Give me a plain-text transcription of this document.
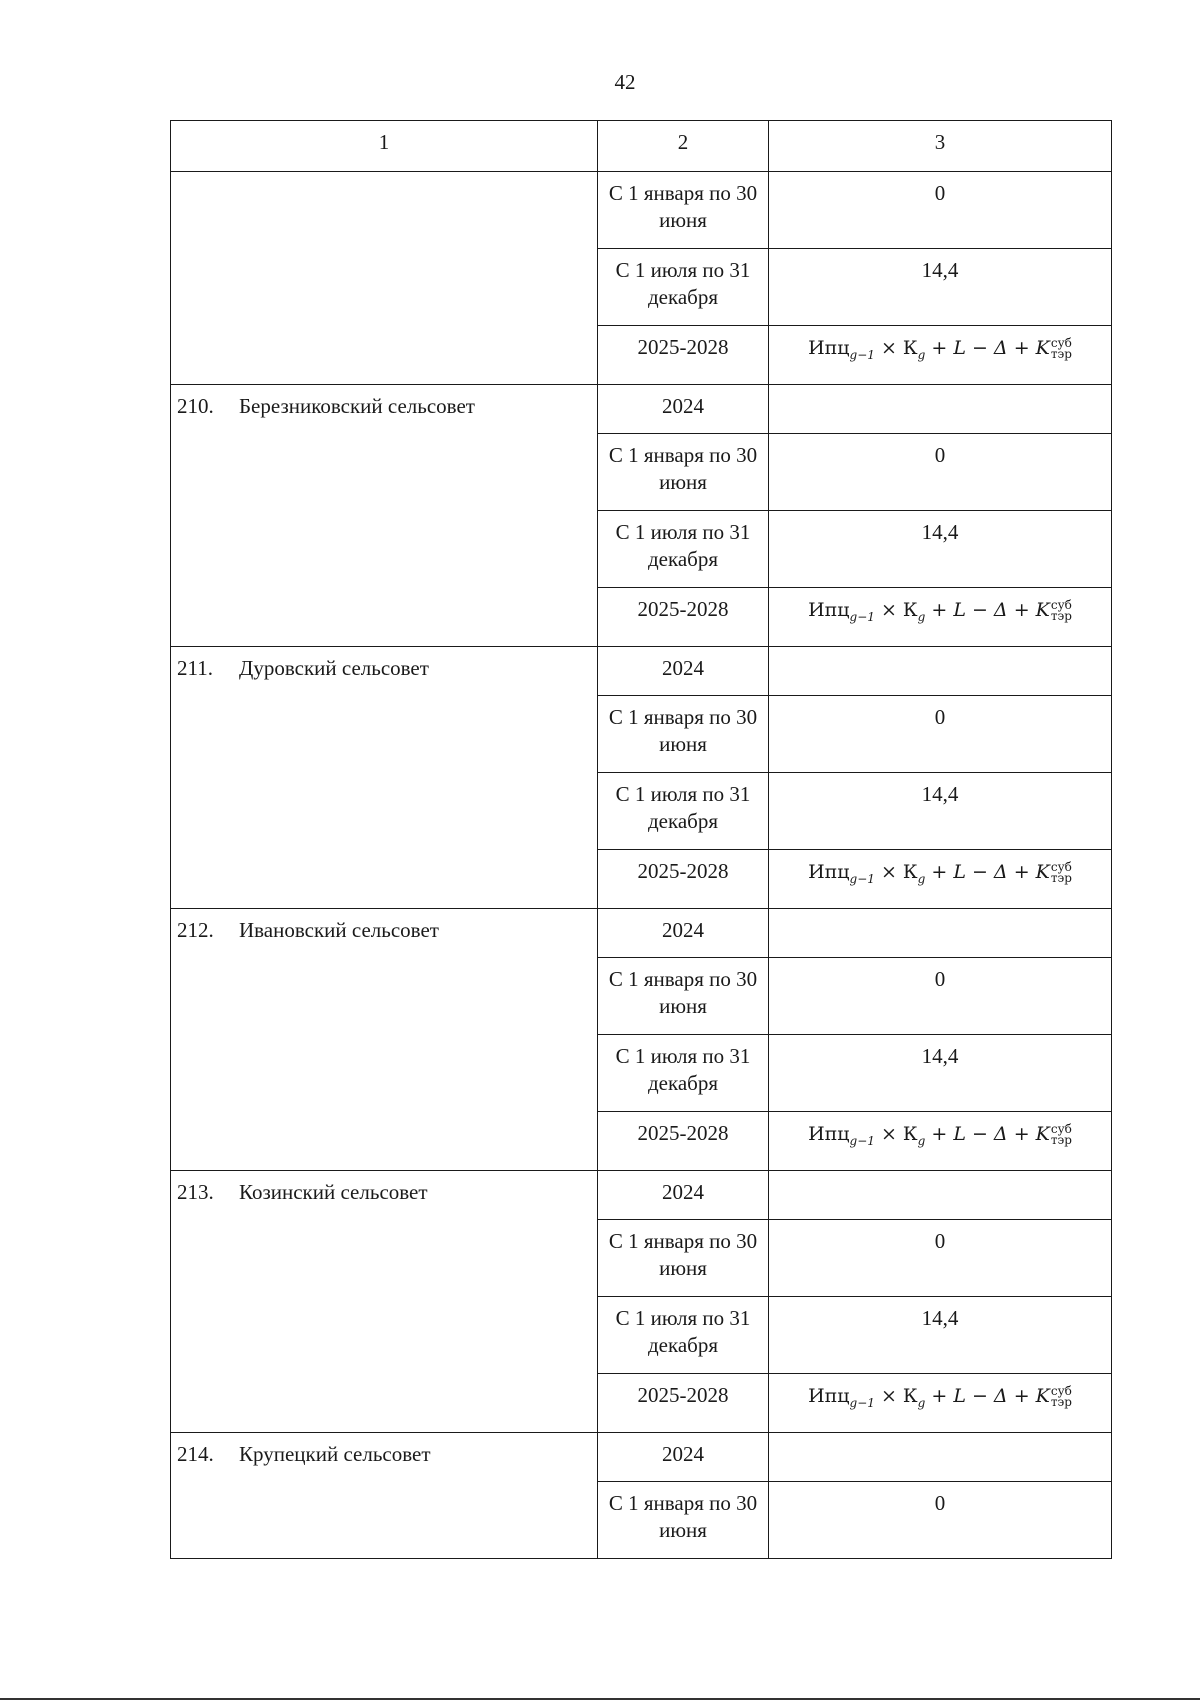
42
1	2	3
	С 1 января по 30 июня	0
	С 1 июля по 31 декабря	14,4
	2025-2028	$Ипц_{g-1} \times К_g + L - \Delta + K$ суб
тэр

210. Березниковский сельсовет	2024	
	С 1 января по 30 июня	0
	С 1 июля по 31 декабря	14,4
	2025-2028	$Ипц_{g-1} \times К_g + L - \Delta + K$ суб
тэр

211. Дуровский сельсовет	2024	
	С 1 января по 30 июня	0
	С 1 июля по 31 декабря	14,4
	2025-2028	$Ипц_{g-1} \times К_g + L - \Delta + K$ суб
тэр

212. Ивановский сельсовет	2024	
	С 1 января по 30 июня	0
	С 1 июля по 31 декабря	14,4
	2025-2028	$Ипц_{g-1} \times К_g + L - \Delta + K$ суб
тэр

213. Козинский сельсовет	2024	
	С 1 января по 30 июня	0
	С 1 июля по 31 декабря	14,4
	2025-2028	$Ипц_{g-1} \times К_g + L - \Delta + K$ суб
тэр

214. Крупецкий сельсовет	2024	
	С 1 января по 30 июня	0
